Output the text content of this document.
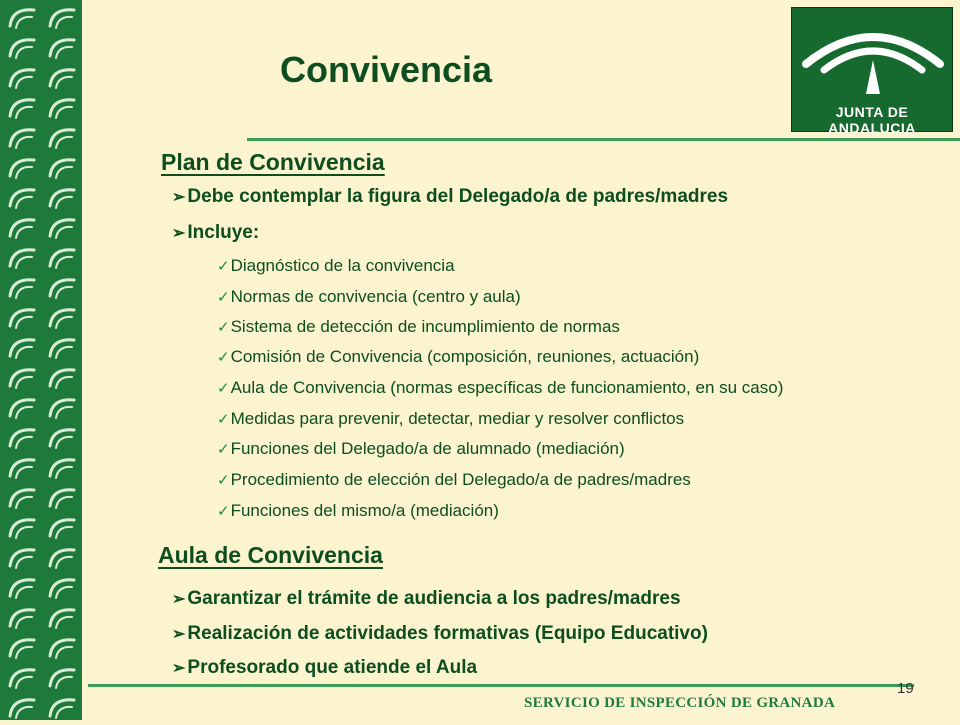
JUNTA DE ANDALUCIA
Convivencia
Plan de Convivencia
➢ Debe contemplar la figura del Delegado/a de padres/madres
➢ Incluye:
✓Diagnóstico de la convivencia
✓Normas de convivencia (centro y aula)
✓Sistema de detección de incumplimiento de normas
✓Comisión de Convivencia (composición, reuniones, actuación)
✓Aula de Convivencia (normas específicas de funcionamiento, en su caso)
✓Medidas para prevenir, detectar, mediar y resolver conflictos
✓Funciones del Delegado/a de alumnado (mediación)
✓Procedimiento de elección del Delegado/a de padres/madres
✓Funciones del mismo/a (mediación)
Aula de Convivencia
➢ Garantizar el trámite de audiencia a los padres/madres
➢ Realización de actividades formativas (Equipo Educativo)
➢ Profesorado que atiende el Aula
19
SERVICIO DE INSPECCIÓN DE GRANADA
